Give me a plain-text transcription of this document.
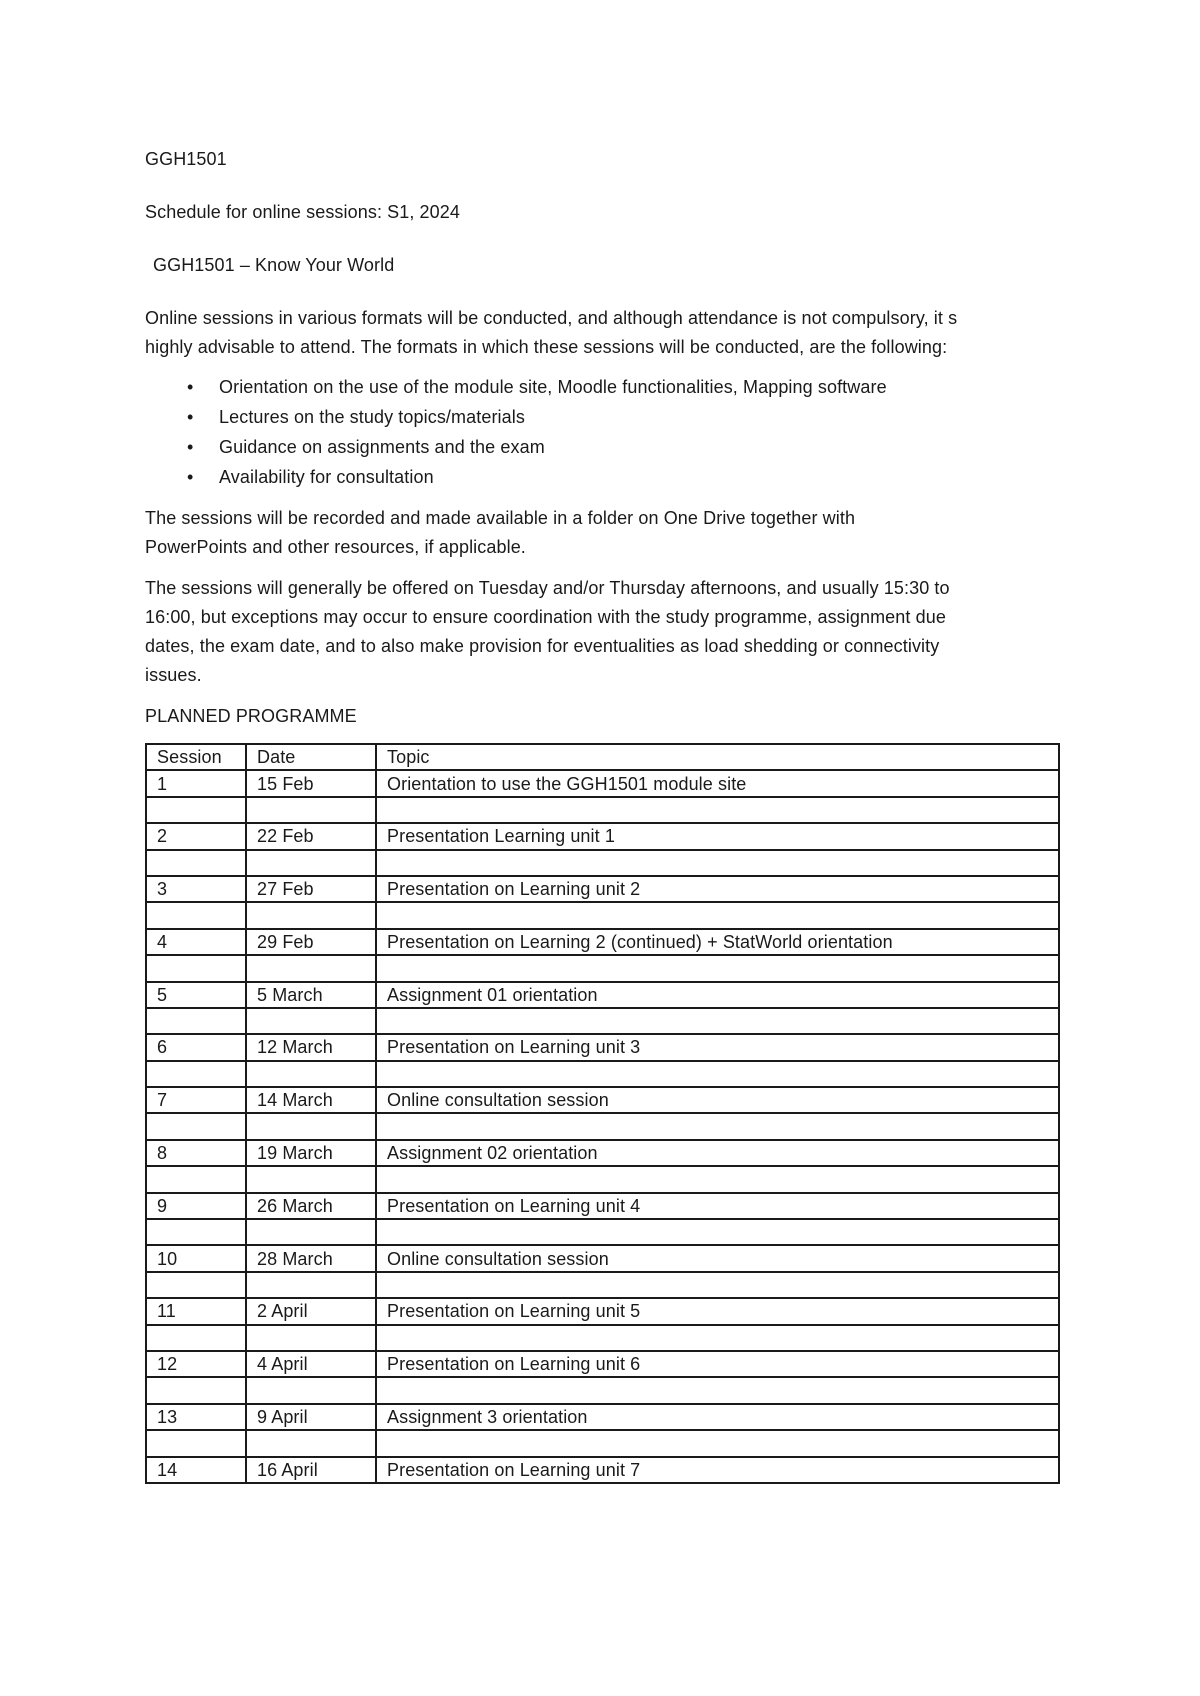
GGH1501

Schedule for online sessions: S1, 2024

GGH1501 – Know Your World

Online sessions in various formats will be conducted, and although attendance is not compulsory, it s

highly advisable to attend. The formats in which these sessions will be conducted, are the following:

• Orientation on the use of the module site, Moodle functionalities, Mapping software
• Lectures on the study topics/materials
• Guidance on assignments and the exam
• Availability for consultation

The sessions will be recorded and made available in a folder on One Drive together with

PowerPoints and other resources, if applicable.

The sessions will generally be offered on Tuesday and/or Thursday afternoons, and usually 15:30 to

16:00, but exceptions may occur to ensure coordination with the study programme, assignment due

dates, the exam date, and to also make provision for eventualities as load shedding or connectivity

issues.

PLANNED PROGRAMME

Session	Date	Topic
1	15 Feb	Orientation to use the GGH1501 module site

2	22 Feb	Presentation Learning unit 1

3	27 Feb	Presentation on Learning unit 2

4	29 Feb	Presentation on Learning 2 (continued) + StatWorld orientation

5	5 March	Assignment 01 orientation

6	12 March	Presentation on Learning unit 3

7	14 March	Online consultation session

8	19 March	Assignment 02 orientation

9	26 March	Presentation on Learning unit 4

10	28 March	Online consultation session

11	2 April	Presentation on Learning unit 5

12	4 April	Presentation on Learning unit 6

13	9 April	Assignment 3 orientation

14	16 April	Presentation on Learning unit 7
